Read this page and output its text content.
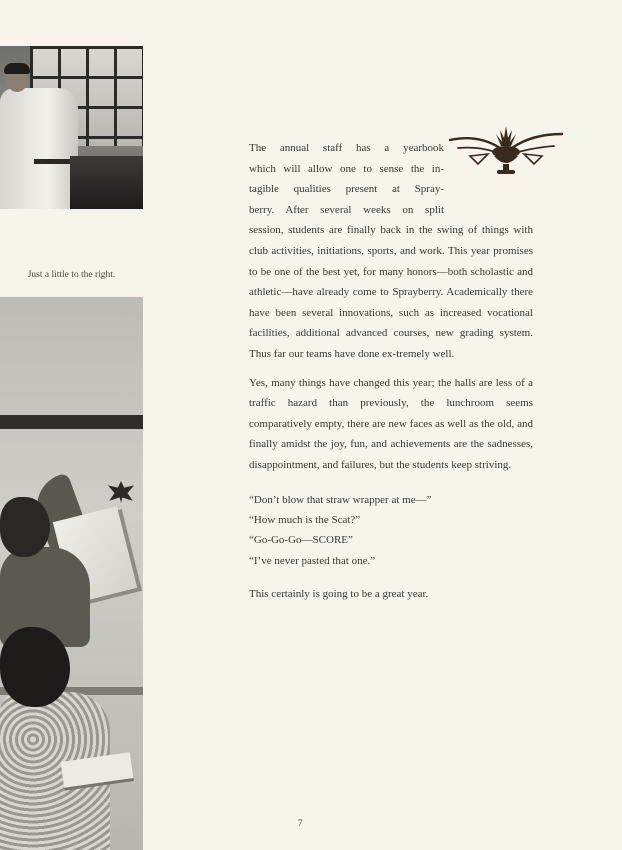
Just a little to the right.

The annual staff has a yearbook
which will allow one to sense the in-
tagible qualities present at Spray-
berry. After several weeks on split
session, students are finally back in the swing of things with club activities, initiations, sports, and work. This year promises to be one of the best yet, for many honors—both scholastic and athletic—have already come to Sprayberry. Academically there have been several innovations, such as increased vocational facilities, additional advanced courses, new grading system. Thus far our teams have done ex-tremely well.

Yes, many things have changed this year; the halls are less of a traffic hazard than previously, the lunchroom seems comparatively empty, there are new faces as well as the old, and finally amidst the joy, fun, and achievements are the sadnesses, disappointment, and failures, but the students keep striving.

“Don’t blow that straw wrapper at me—”
“How much is the Scat?”
“Go-Go-Go—SCORE”
“I’ve never pasted that one.”

This certainly is going to be a great year.

7
